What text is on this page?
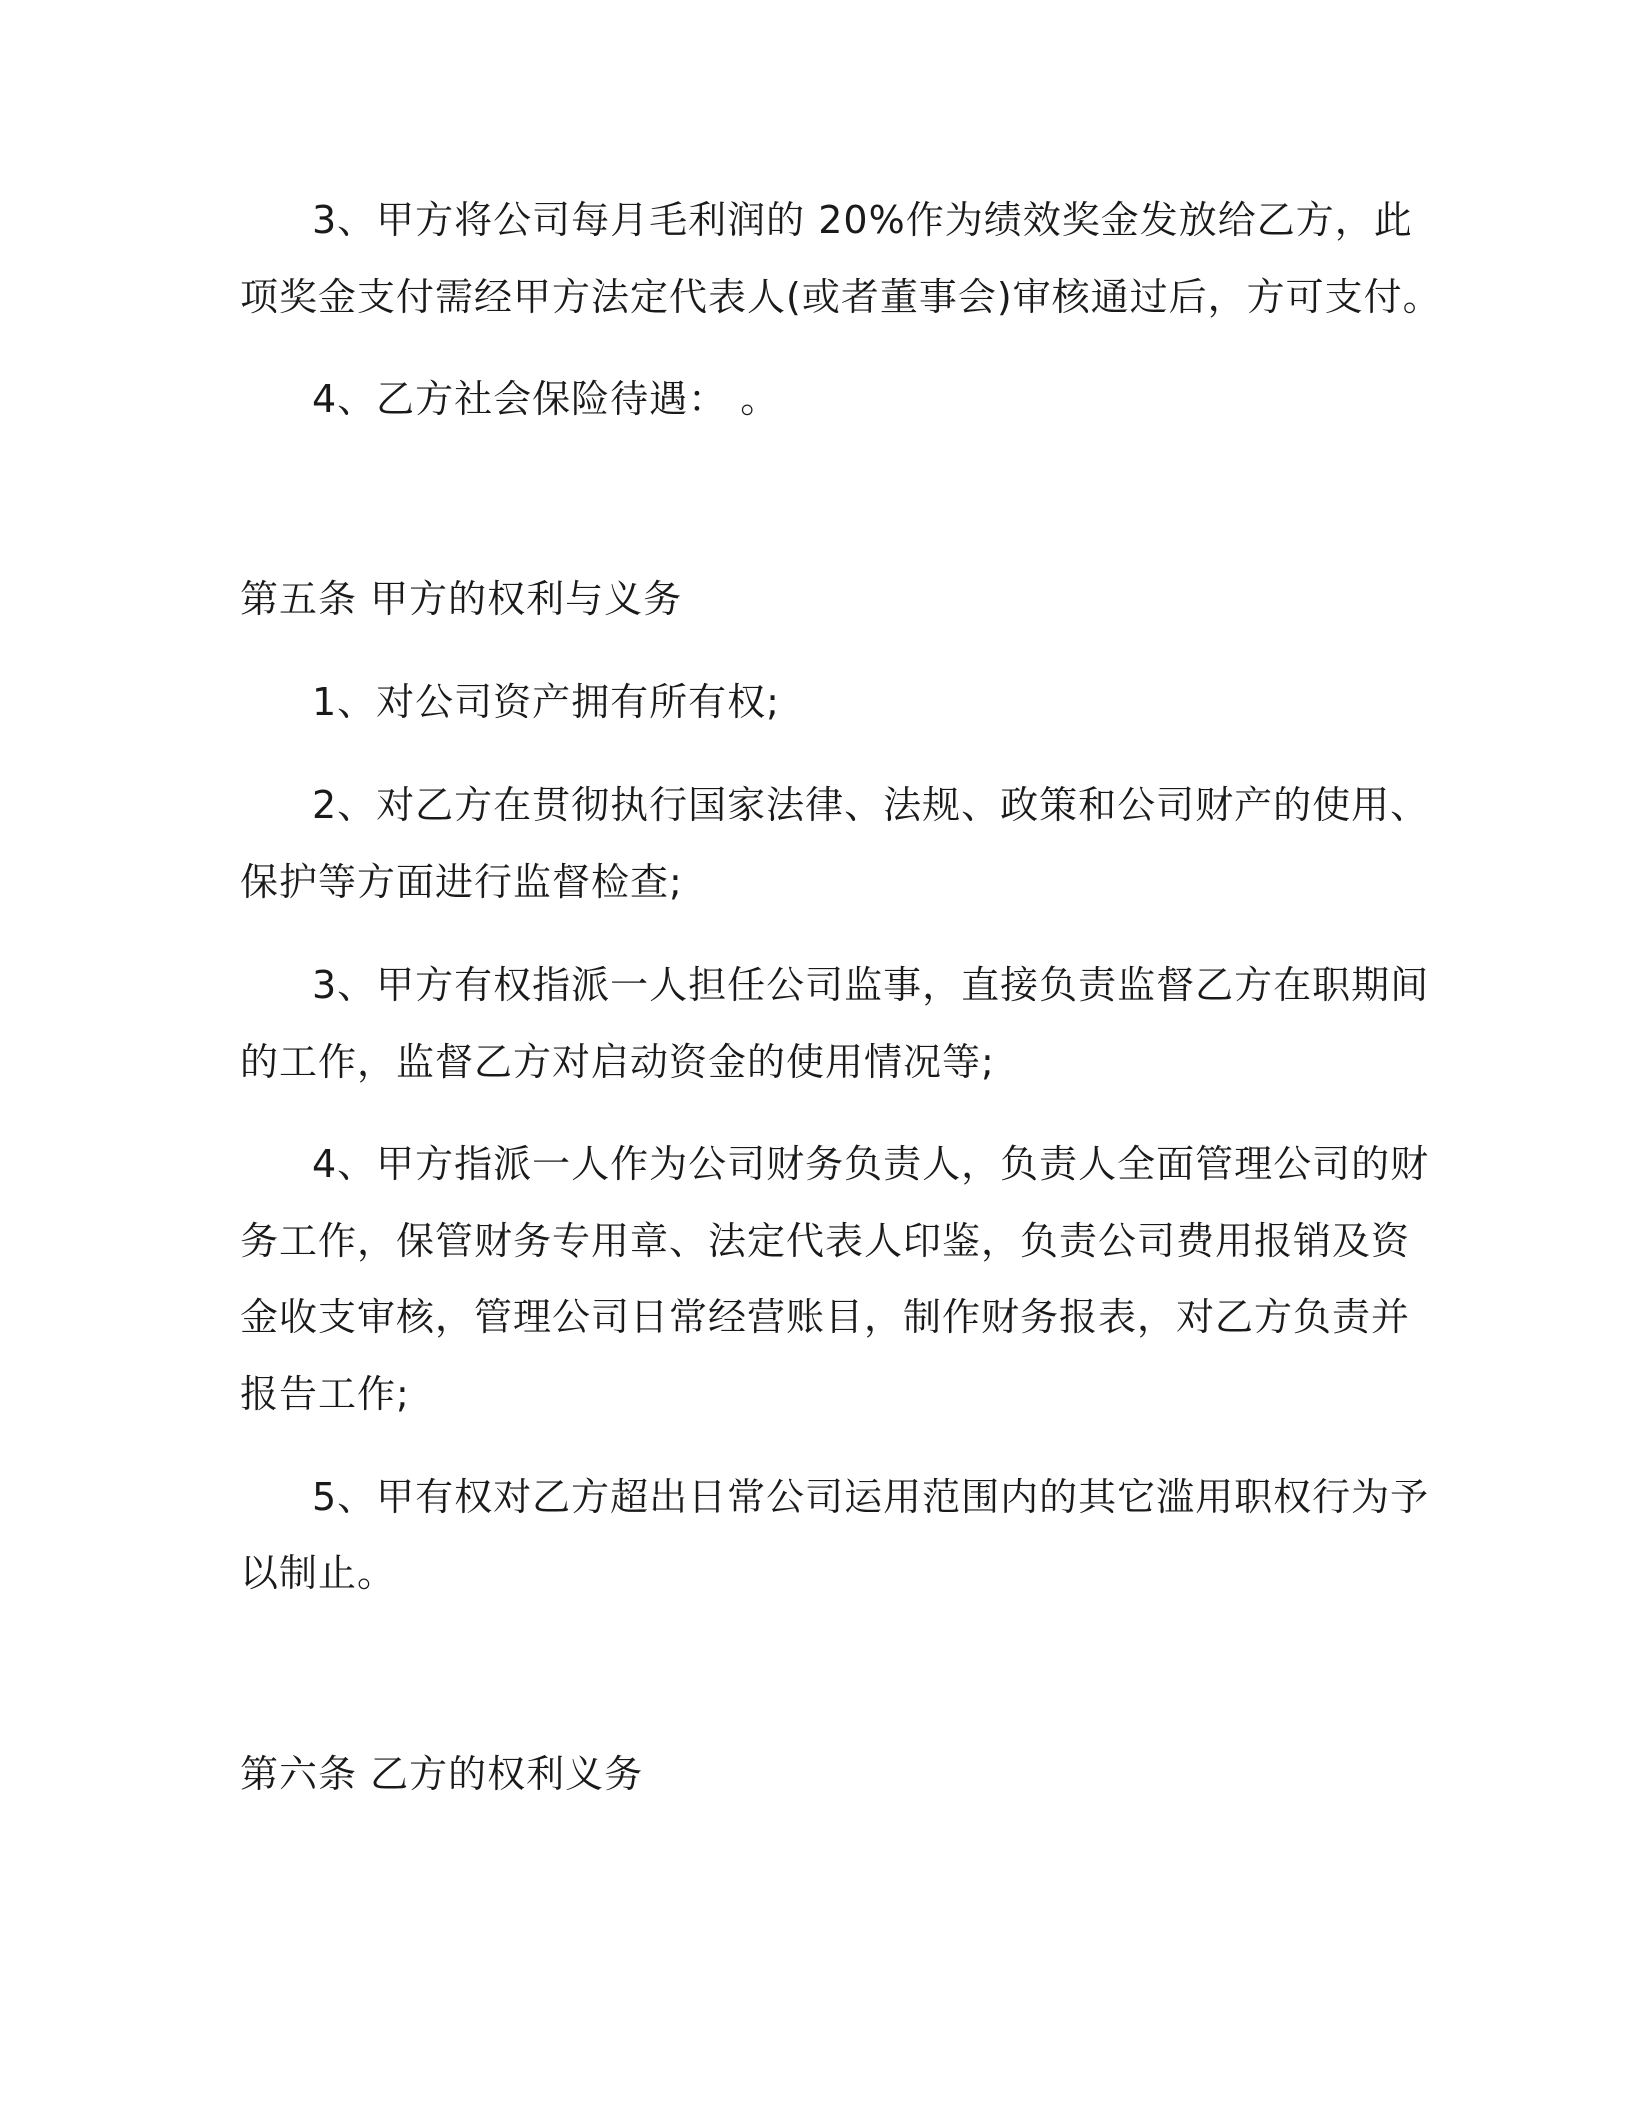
3、甲方将公司每月毛利润的 20%作为绩效奖金发放给乙方，此
项奖金支付需经甲方法定代表人(或者董事会)审核通过后，方可支付。
4、乙方社会保险待遇： 。
第五条 甲方的权利与义务
1、对公司资产拥有所有权;
2、对乙方在贯彻执行国家法律、法规、政策和公司财产的使用、
保护等方面进行监督检查;
3、甲方有权指派一人担任公司监事，直接负责监督乙方在职期间
的工作，监督乙方对启动资金的使用情况等;
4、甲方指派一人作为公司财务负责人，负责人全面管理公司的财
务工作，保管财务专用章、法定代表人印鉴，负责公司费用报销及资
金收支审核，管理公司日常经营账目，制作财务报表，对乙方负责并
报告工作;
5、甲有权对乙方超出日常公司运用范围内的其它滥用职权行为予
以制止。
第六条 乙方的权利义务
